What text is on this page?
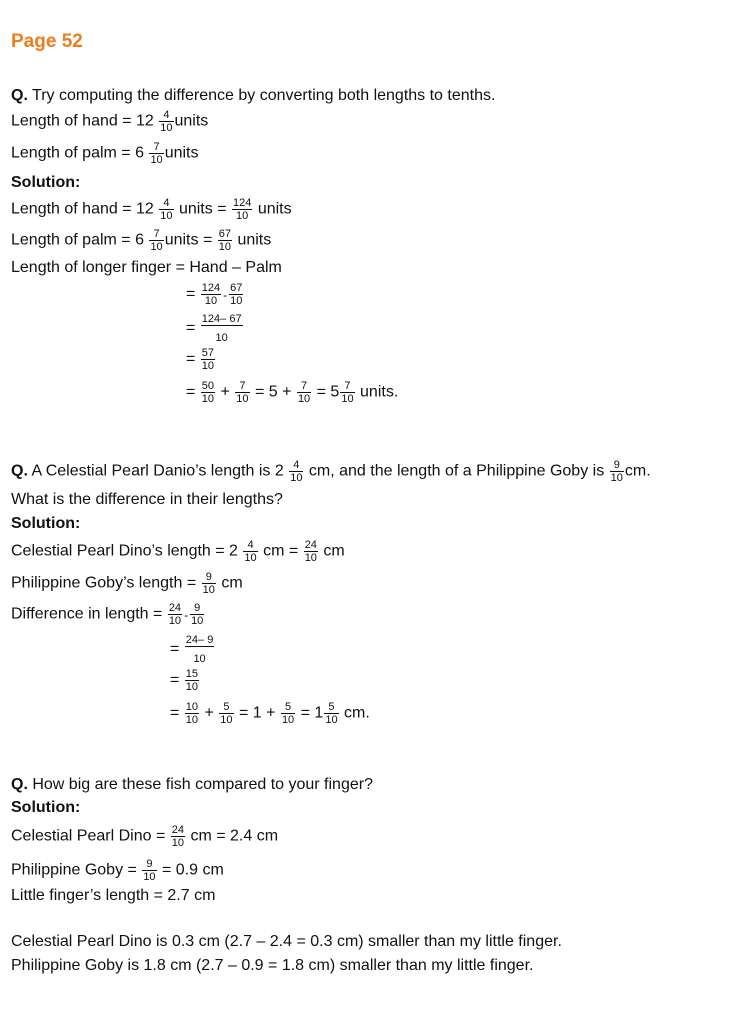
Page 52
Q. Try computing the difference by converting both lengths to tenths.
Length of hand = $12 \frac{4}{10}$ units
Length of palm = $6 \frac{7}{10}$ units
Solution:
Length of hand = $12 \frac{4}{10}$ units = $\frac{124}{10}$ units
Length of palm = $6 \frac{7}{10}$ units = $\frac{67}{10}$ units
Length of longer finger = Hand – Palm
= $\frac{124}{10} - \frac{67}{10}$
= $\frac{124- 67}{10}$
= $\frac{57}{10}$
= $\frac{50}{10} + \frac{7}{10} = 5 + \frac{7}{10} = 5 \frac{7}{10}$ units.
Q. A Celestial Pearl Danio’s length is $2 \frac{4}{10}$ cm, and the length of a Philippine Goby is $\frac{9}{10}$ cm.
What is the difference in their lengths?
Solution:
Celestial Pearl Dino’s length = $2 \frac{4}{10}$ cm = $\frac{24}{10}$ cm
Philippine Goby’s length = $\frac{9}{10}$ cm
Difference in length = $\frac{24}{10} - \frac{9}{10}$
= $\frac{24- 9}{10}$
= $\frac{15}{10}$
= $\frac{10}{10} + \frac{5}{10} = 1 + \frac{5}{10} = 1 \frac{5}{10}$ cm.
Q. How big are these fish compared to your finger?
Solution:
Celestial Pearl Dino = $\frac{24}{10}$ cm = 2.4 cm
Philippine Goby = $\frac{9}{10} = 0.9$ cm
Little finger’s length = 2.7 cm
Celestial Pearl Dino is 0.3 cm (2.7 – 2.4 = 0.3 cm) smaller than my little finger.
Philippine Goby is 1.8 cm (2.7 – 0.9 = 1.8 cm) smaller than my little finger.
